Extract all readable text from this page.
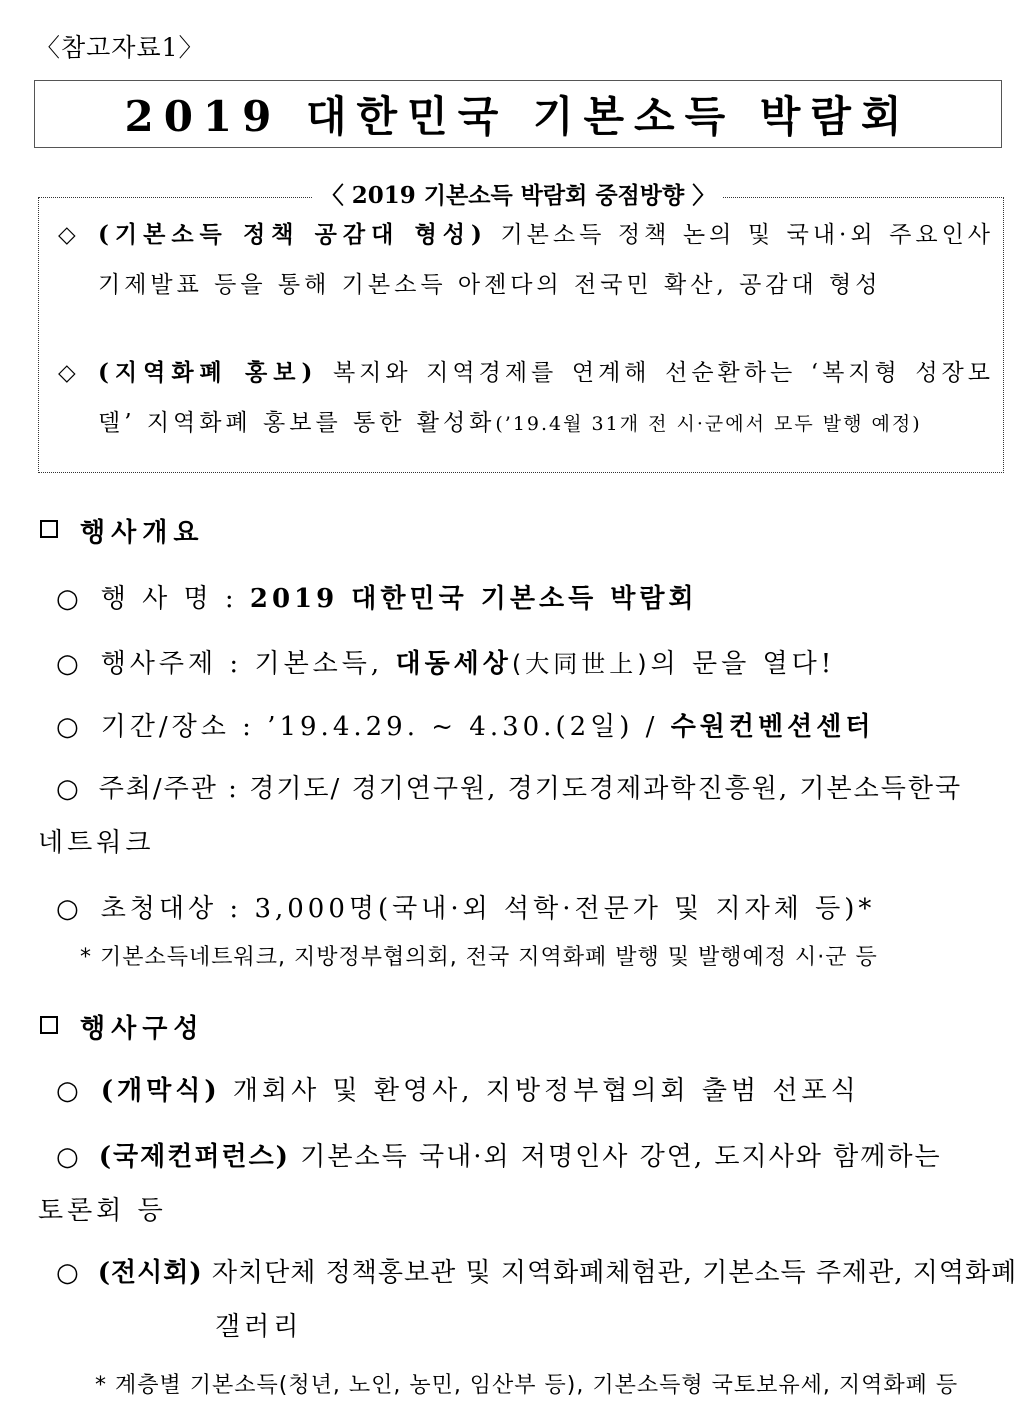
〈참고자료1〉
2019 대한민국 기본소득 박람회
〈 2019 기본소득 박람회 중점방향 〉
◇ (기본소득 정책 공감대 형성) 기본소득 정책 논의 및 국내·외 주요인사 기제발표 등을 통해 기본소득 아젠다의 전국민 확산, 공감대 형성
◇ (지역화폐 홍보) 복지와 지역경제를 연계해 선순환하는 ‘복지형 성장모델’ 지역화폐 홍보를 통한 활성화(’19.4월 31개 전 시·군에서 모두 발행 예정)
행사개요
○ 행 사 명 : 2019 대한민국 기본소득 박람회
○ 행사주제 : 기본소득, 대동세상(大同世上)의 문을 열다!
○ 기간/장소 : ’19.4.29. ~ 4.30.(2일) / 수원컨벤션센터
○ 주최/주관 : 경기도/ 경기연구원, 경기도경제과학진흥원, 기본소득한국
네트워크
○ 초청대상 : 3,000명(국내·외 석학·전문가 및 지자체 등)*
* 기본소득네트워크, 지방정부협의회, 전국 지역화폐 발행 및 발행예정 시·군 등
행사구성
○ (개막식) 개회사 및 환영사, 지방정부협의회 출범 선포식
○ (국제컨퍼런스) 기본소득 국내·외 저명인사 강연, 도지사와 함께하는
토론회 등
○ (전시회) 자치단체 정책홍보관 및 지역화폐체험관, 기본소득 주제관, 지역화폐
갤러리
* 계층별 기본소득(청년, 노인, 농민, 임산부 등), 기본소득형 국토보유세, 지역화폐 등
